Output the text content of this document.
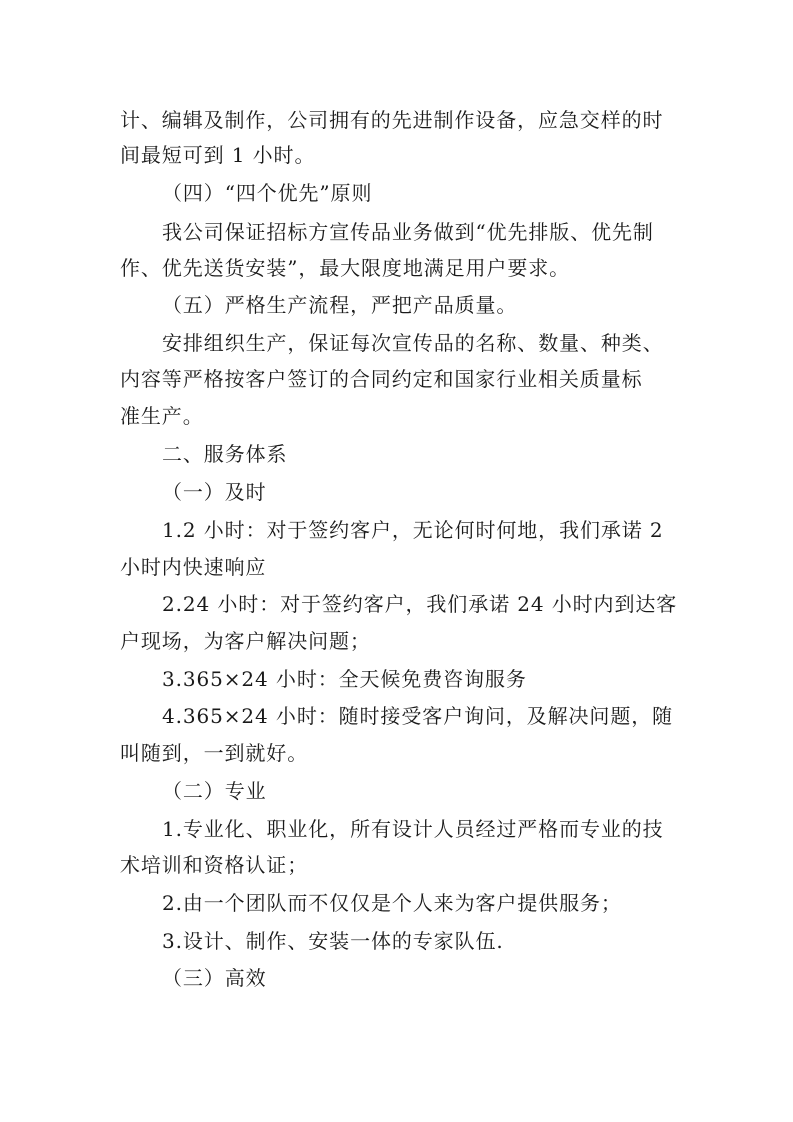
计、编辑及制作，公司拥有的先进制作设备，应急交样的时

间最短可到 1 小时。

（四）“四个优先”原则

我公司保证招标方宣传品业务做到“优先排版、优先制

作、优先送货安装”，最大限度地满足用户要求。

（五）严格生产流程，严把产品质量。

安排组织生产，保证每次宣传品的名称、数量、种类、

内容等严格按客户签订的合同约定和国家行业相关质量标

准生产。

二、服务体系

（一）及时

1.2 小时：对于签约客户，无论何时何地，我们承诺 2

小时内快速响应

2.24 小时：对于签约客户，我们承诺 24 小时内到达客

户现场，为客户解决问题；

3.365×24 小时：全天候免费咨询服务

4.365×24 小时：随时接受客户询问，及解决问题，随

叫随到，一到就好。

（二）专业

1.专业化、职业化，所有设计人员经过严格而专业的技

术培训和资格认证；

2.由一个团队而不仅仅是个人来为客户提供服务；

3.设计、制作、安装一体的专家队伍.

（三）高效
